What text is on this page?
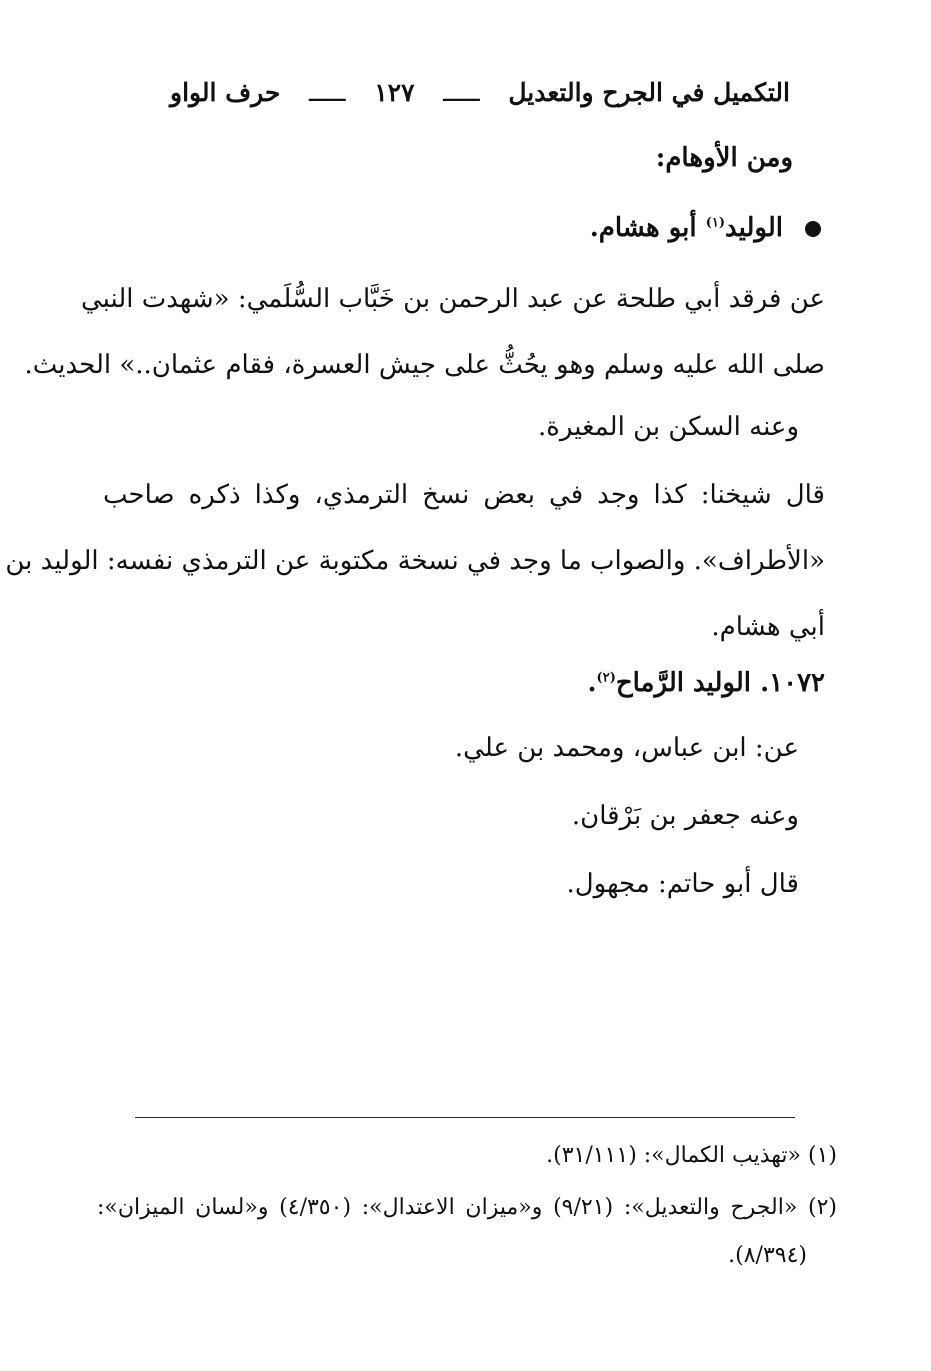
التكميل في الجرح والتعديل
ـــــ
١٢٧
ـــــ
حرف الواو
ومن الأوهام:
الوليد$^{(١)}$ أبو هشام.
عن فرقد أبي طلحة عن عبد الرحمن بن خَبَّاب السُّلَمي: «شهدت النبي
صلى الله عليه وسلم وهو يحُثُّ على جيش العسرة، فقام عثمان..» الحديث.
وعنه السكن بن المغيرة.
قال شيخنا: كذا وجد في بعض نسخ الترمذي، وكذا ذكره صاحب
«الأطراف». والصواب ما وجد في نسخة مكتوبة عن الترمذي نفسه: الوليد بن
أبي هشام.
١٠٧٢. الوليد الرَّماح$^{(٢)}$.
عن: ابن عباس، ومحمد بن علي.
وعنه جعفر بن بَرْقان.
قال أبو حاتم: مجهول.
(١) «تهذيب الكمال»: (٣١/١١١).
(٢) «الجرح والتعديل»: (٩/٢١) و«ميزان الاعتدال»: (٤/٣٥٠) و«لسان الميزان»:
(٨/٣٩٤).
